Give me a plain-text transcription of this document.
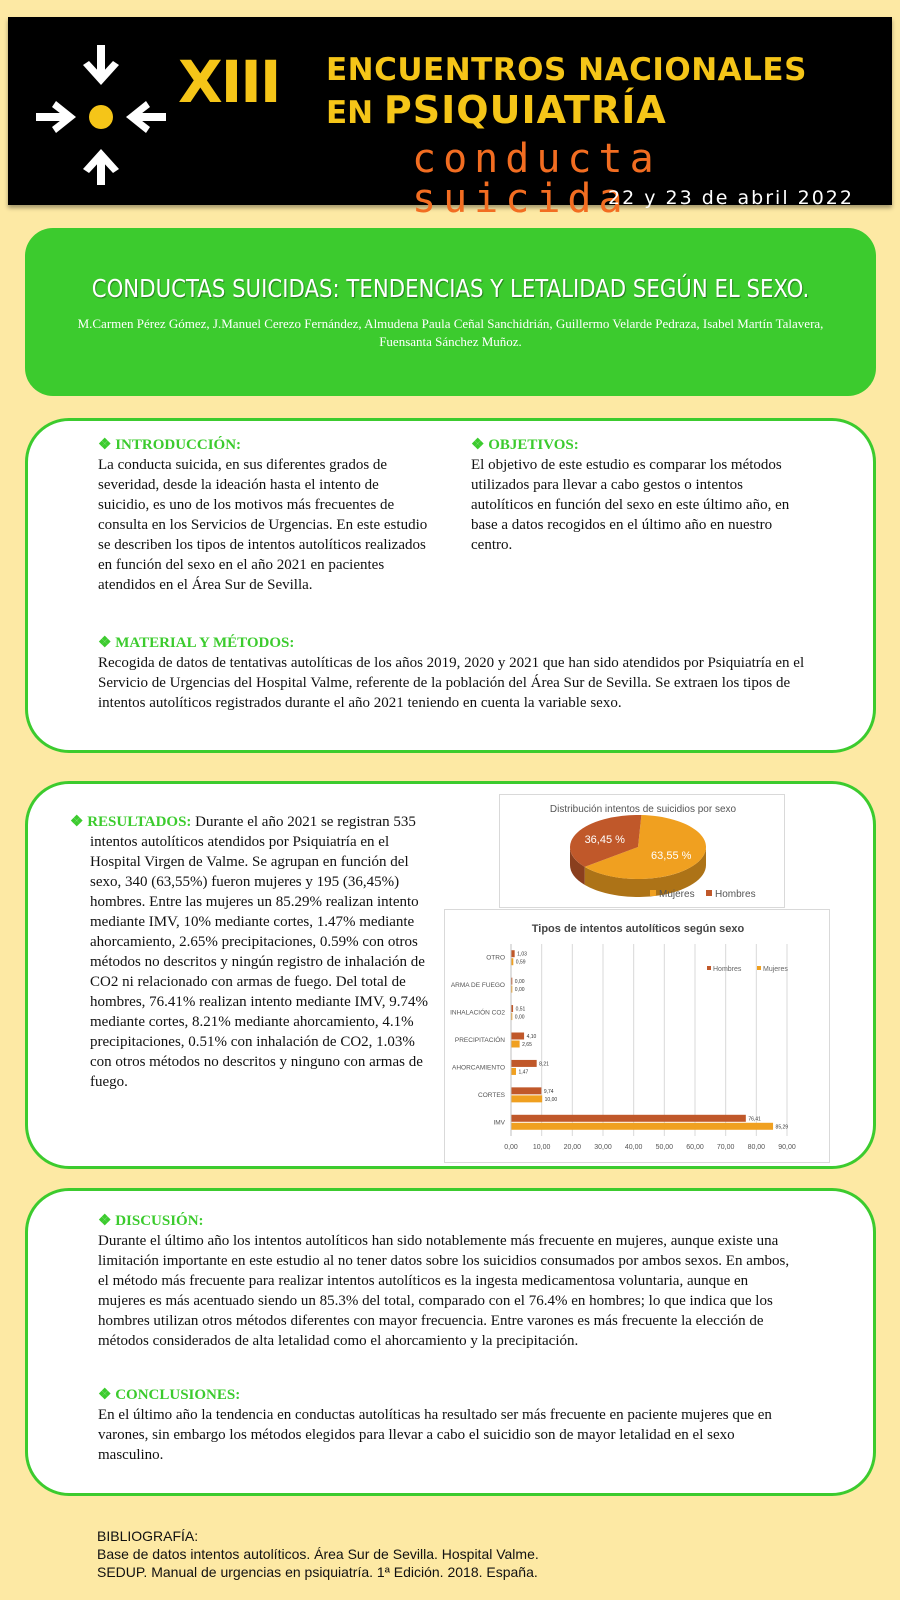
XIII ENCUENTROS NACIONALES
EN PSIQUIATRÍA
conducta suicida
22 y 23 de abril 2022
CONDUCTAS SUICIDAS: TENDENCIAS Y LETALIDAD SEGÚN EL SEXO.
M.Carmen Pérez Gómez, J.Manuel Cerezo Fernández, Almudena Paula Ceñal Sanchidrián, Guillermo Velarde Pedraza, Isabel Martín Talavera, Fuensanta Sánchez Muñoz.
❖ INTRODUCCIÓN:
La conducta suicida, en sus diferentes grados de severidad, desde la ideación hasta el intento de suicidio, es uno de los motivos más frecuentes de consulta en los Servicios de Urgencias. En este estudio se describen los tipos de intentos autolíticos realizados en función del sexo en el año 2021 en pacientes atendidos en el Área Sur de Sevilla.
❖ OBJETIVOS:
El objetivo de este estudio es comparar los métodos utilizados para llevar a cabo gestos o intentos autolíticos en función del sexo en este último año, en base a datos recogidos en el último año en nuestro centro.
❖ MATERIAL Y MÉTODOS:
Recogida de datos de tentativas autolíticas de los años 2019, 2020 y 2021 que han sido atendidos por Psiquiatría en el Servicio de Urgencias del Hospital Valme, referente de la población del Área Sur de Sevilla. Se extraen los tipos de intentos autolíticos registrados durante el año 2021 teniendo en cuenta la variable sexo.
❖ RESULTADOS: Durante el año 2021 se registran 535 intentos autolíticos atendidos por Psiquiatría en el Hospital Virgen de Valme. Se agrupan en función del sexo, 340 (63,55%) fueron mujeres y 195 (36,45%) hombres. Entre las mujeres un 85.29% realizan intento mediante IMV, 10% mediante cortes, 1.47% mediante ahorcamiento, 2.65% precipitaciones, 0.59% con otros métodos no descritos y ningún registro de inhalación de CO2 ni relacionado con armas de fuego. Del total de hombres, 76.41% realizan intento mediante IMV, 9.74% mediante cortes, 8.21% mediante ahorcamiento, 4.1% precipitaciones, 0.51% con inhalación de CO2, 1.03% con otros métodos no descritos y ninguno con armas de fuego.
Distribución intentos de suicidios por sexo
63,55 %
36,45 %
Mujeres Hombres
Tipos de intentos autolíticos según sexo
0,00 10,00 20,00 30,00 40,00 50,00 60,00 70,00 80,00 90,00
OTRO 1,03
0,59
ARMA DE FUEGO 0,00
0,00
INHALACIÓN CO2 0,51
0,00
PRECIPITACIÓN	4,10
2,65
AHORCAMIENTO	8,21
1,47
CORTES	9,74
10,00
IMV	76,41
85,29
Hombres	Mujeres
❖ DISCUSIÓN:
Durante el último año los intentos autolíticos han sido notablemente más frecuente en mujeres, aunque existe una limitación importante en este estudio al no tener datos sobre los suicidios consumados por ambos sexos. En ambos, el método más frecuente para realizar intentos autolíticos es la ingesta medicamentosa voluntaria, aunque en mujeres es más acentuado siendo un 85.3% del total, comparado con el 76.4% en hombres; lo que indica que los hombres utilizan otros métodos diferentes con mayor frecuencia. Entre varones es más frecuente la elección de métodos considerados de alta letalidad como el ahorcamiento y la precipitación.
❖ CONCLUSIONES:
En el último año la tendencia en conductas autolíticas ha resultado ser más frecuente en paciente mujeres que en varones, sin embargo los métodos elegidos para llevar a cabo el suicidio son de mayor letalidad en el sexo masculino.
BIBLIOGRAFÍA:
Base de datos intentos autolíticos. Área Sur de Sevilla. Hospital Valme.
SEDUP. Manual de urgencias en psiquiatría. 1ª Edición. 2018. España.
